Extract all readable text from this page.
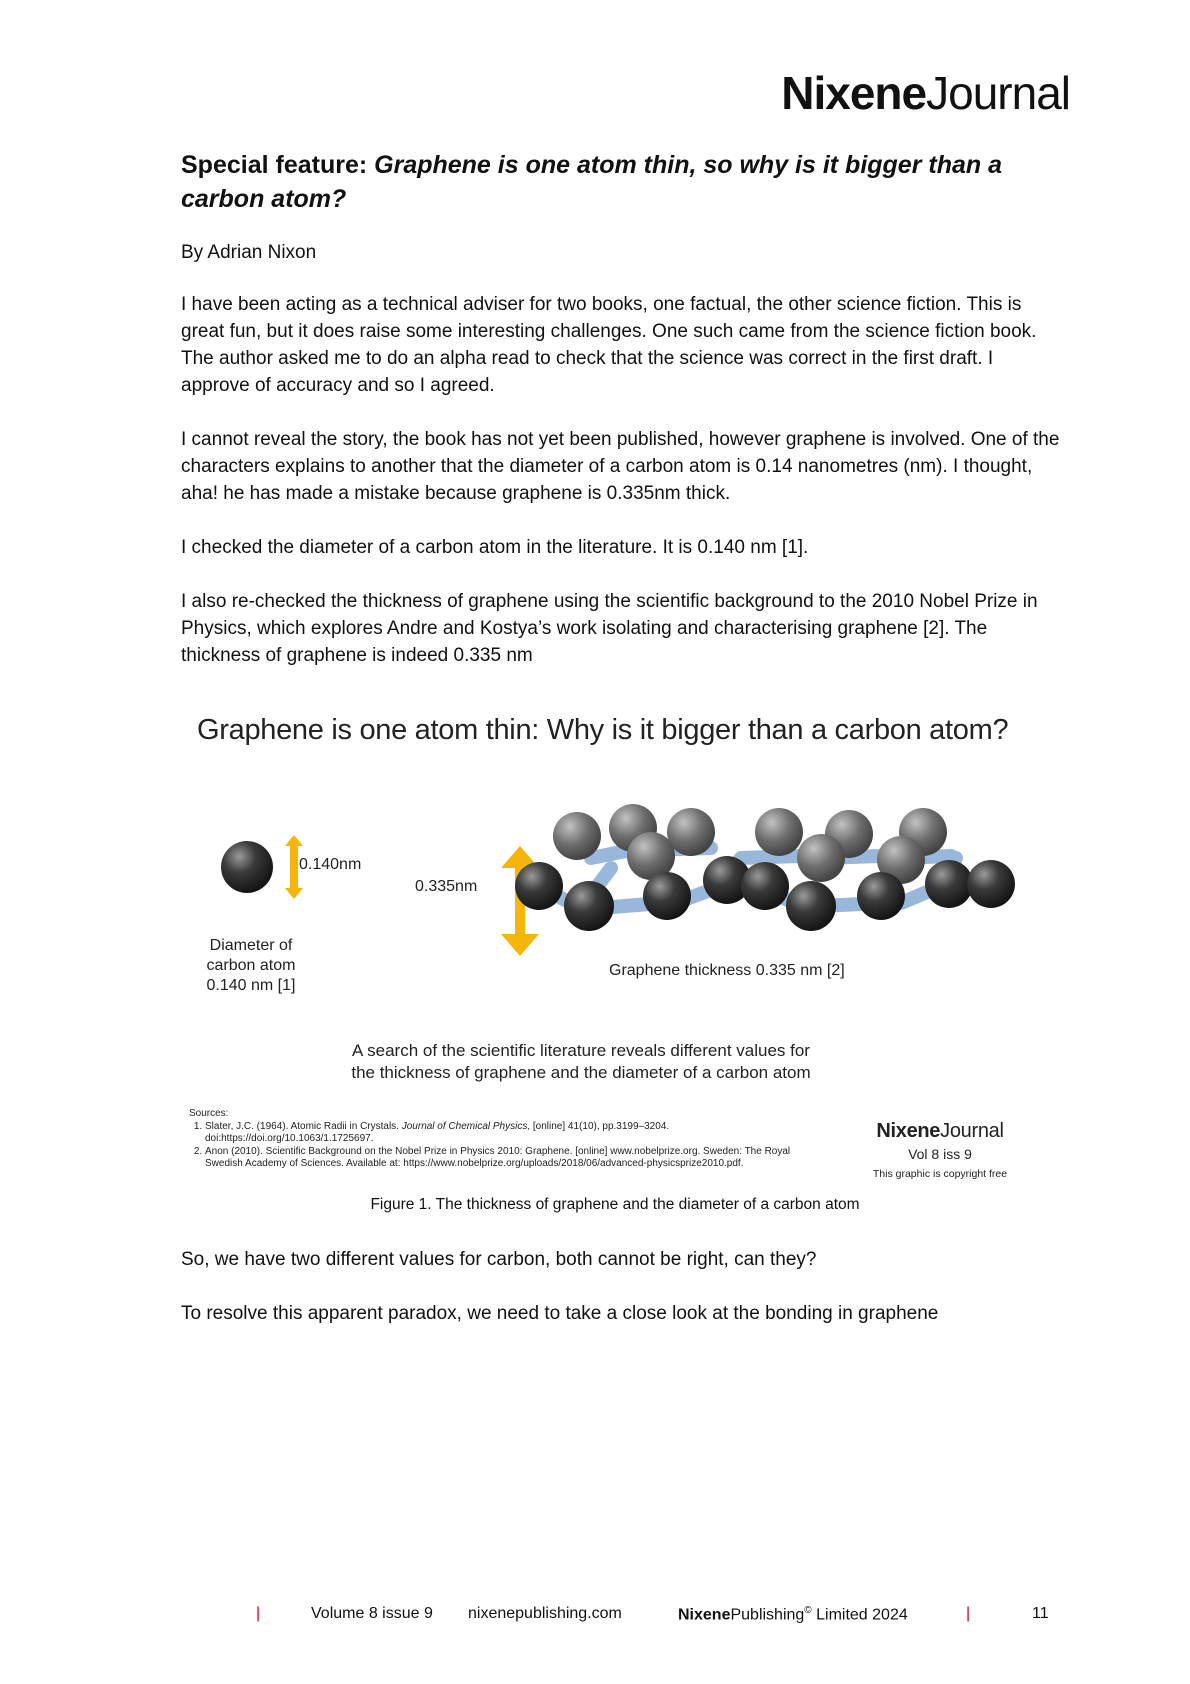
NixeneJournal
Special feature: Graphene is one atom thin, so why is it bigger than a carbon atom?

By Adrian Nixon

I have been acting as a technical adviser for two books, one factual, the other science fiction. This is great fun, but it does raise some interesting challenges. One such came from the science fiction book. The author asked me to do an alpha read to check that the science was correct in the first draft. I approve of accuracy and so I agreed.

I cannot reveal the story, the book has not yet been published, however graphene is involved. One of the characters explains to another that the diameter of a carbon atom is 0.14 nanometres (nm). I thought, aha! he has made a mistake because graphene is 0.335nm thick.

I checked the diameter of a carbon atom in the literature. It is 0.140 nm [1].

I also re-checked the thickness of graphene using the scientific background to the 2010 Nobel Prize in Physics, which explores Andre and Kostya’s work isolating and characterising graphene [2]. The thickness of graphene is indeed 0.335 nm

Graphene is one atom thin: Why is it bigger than a carbon atom?
0.140nm
0.335nm
Diameter of
carbon atom
0.140 nm [1]
Graphene thickness 0.335 nm [2]
A search of the scientific literature reveals different values for
the thickness of graphene and the diameter of a carbon atom
Sources:
1. Slater, J.C. (1964). Atomic Radii in Crystals. Journal of Chemical Physics, [online] 41(10), pp.3199–3204. doi:https://doi.org/10.1063/1.1725697.
2. Anon (2010). Scientific Background on the Nobel Prize in Physics 2010: Graphene. [online] www.nobelprize.org. Sweden: The Royal Swedish Academy of Sciences. Available at: https://www.nobelprize.org/uploads/2018/06/advanced-physicsprize2010.pdf.
NixeneJournal
Vol 8 iss 9
This graphic is copyright free
Figure 1. The thickness of graphene and the diameter of a carbon atom

So, we have two different values for carbon, both cannot be right, can they?

To resolve this apparent paradox, we need to take a close look at the bonding in graphene

|	Volume 8 issue 9 nixenepublishing.com	NixenePublishing© Limited 2024	|	11
